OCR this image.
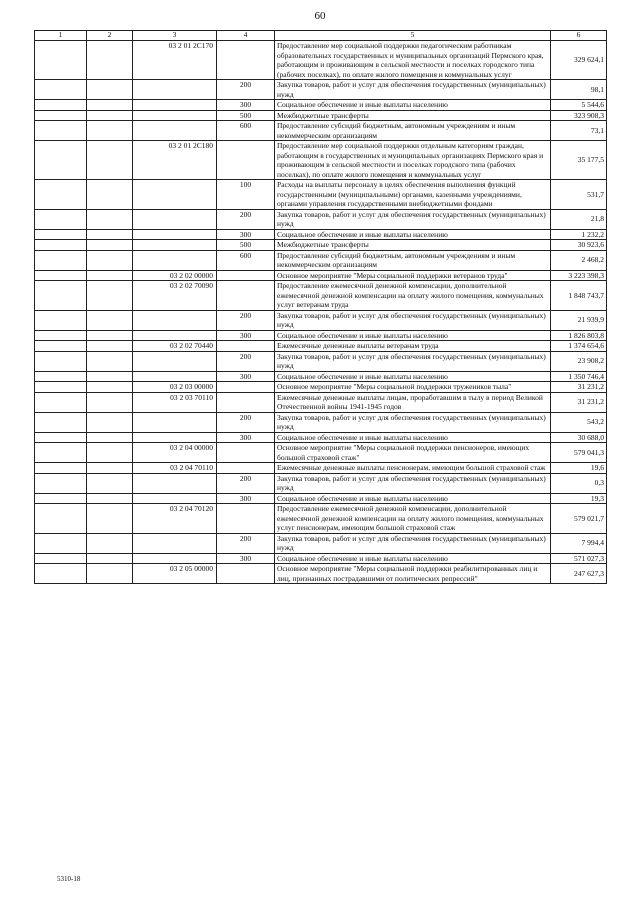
60
1	2	3	4	5	6
		03 2 01 2С170		Предоставление мер социальной поддержки педагогическим работникам образовательных государственных и муниципальных организаций Пермского края, работающим и проживающим в сельской местности и поселках городского типа (рабочих поселках), по оплате жилого помещения и коммунальных услуг	329 624,1
			200	Закупка товаров, работ и услуг для обеспечения государственных (муниципальных) нужд	98,1
			300	Социальное обеспечение и иные выплаты населению	5 544,6
			500	Межбюджетные трансферты	323 908,3
			600	Предоставление субсидий бюджетным, автономным учреждениям и иным некоммерческим организациям	73,1
		03 2 01 2С180		Предоставление мер социальной поддержки отдельным категориям граждан, работающим в государственных и муниципальных организациях Пермского края и проживающим в сельской местности и поселках городского типа (рабочих поселках), по оплате жилого помещения и коммунальных услуг	35 177,5
			100	Расходы на выплаты персоналу в целях обеспечения выполнения функций государственными (муниципальными) органами, казенными учреждениями, органами управления государственными внебюджетными фондами	531,7
			200	Закупка товаров, работ и услуг для обеспечения государственных (муниципальных) нужд	21,8
			300	Социальное обеспечение и иные выплаты населению	1 232,2
			500	Межбюджетные трансферты	30 923,6
			600	Предоставление субсидий бюджетным, автономным учреждениям и иным некоммерческим организациям	2 468,2
		03 2 02 00000		Основное мероприятие "Меры социальной поддержки ветеранов труда"	3 223 398,3
		03 2 02 70090		Предоставление ежемесячной денежной компенсации, дополнительной ежемесячной денежной компенсации на оплату жилого помещения, коммунальных услуг ветеранам труда	1 848 743,7
			200	Закупка товаров, работ и услуг для обеспечения государственных (муниципальных) нужд	21 939,9
			300	Социальное обеспечение и иные выплаты населению	1 826 803,8
		03 2 02 70440		Ежемесячные денежные выплаты ветеранам труда	1 374 654,6
			200	Закупка товаров, работ и услуг для обеспечения государственных (муниципальных) нужд	23 908,2
			300	Социальное обеспечение и иные выплаты населению	1 350 746,4
		03 2 03 00000		Основное мероприятие "Меры социальной поддержки тружеников тыла"	31 231,2
		03 2 03 70110		Ежемесячные денежные выплаты лицам, проработавшим в тылу в период Великой Отечественной войны 1941-1945 годов	31 231,2
			200	Закупка товаров, работ и услуг для обеспечения государственных (муниципальных) нужд	543,2
			300	Социальное обеспечение и иные выплаты населению	30 688,0
		03 2 04 00000		Основное мероприятие "Меры социальной поддержки пенсионеров, имеющих большой страховой стаж"	579 041,3
		03 2 04 70110		Ежемесячные денежные выплаты пенсионерам, имеющим большой страховой стаж	19,6
			200	Закупка товаров, работ и услуг для обеспечения государственных (муниципальных) нужд	0,3
			300	Социальное обеспечение и иные выплаты населению	19,3
		03 2 04 70120		Предоставление ежемесячной денежной компенсации, дополнительной ежемесячной денежной компенсации на оплату жилого помещения, коммунальных услуг пенсионерам, имеющим большой страховой стаж	579 021,7
			200	Закупка товаров, работ и услуг для обеспечения государственных (муниципальных) нужд	7 994,4
			300	Социальное обеспечение и иные выплаты населению	571 027,3
		03 2 05 00000		Основное мероприятие "Меры социальной поддержки реабилитированных лиц и лиц, признанных пострадавшими от политических репрессий"	247 627,3
5310-18
